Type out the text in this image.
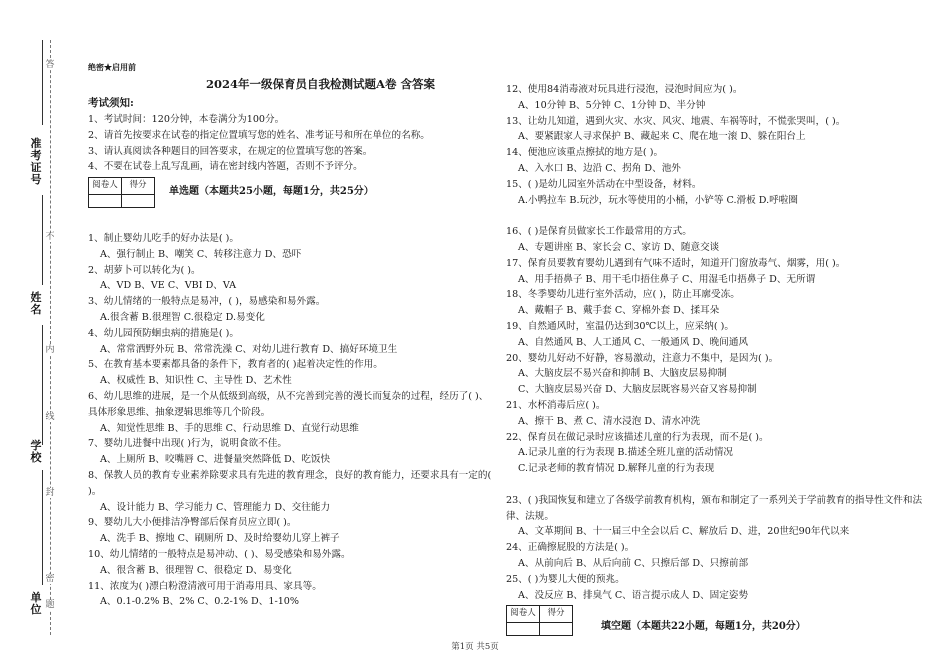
准考证号
姓名
学校
单位
答
不
内
线
封
密
题
绝密★启用前
2024年一级保育员自我检测试题A卷 含答案
考试须知:
1、考试时间：120分钟，本卷满分为100分。
2、请首先按要求在试卷的指定位置填写您的姓名、准考证号和所在单位的名称。
3、请认真阅读各种题目的回答要求，在规定的位置填写您的答案。
4、不要在试卷上乱写乱画，请在密封线内答题，否则不予评分。
阅卷人	得分

单选题（本题共25小题，每题1分，共25分）
1、制止婴幼儿吃手的好办法是( )。
A、强行制止 B、嘲笑 C、转移注意力 D、恐吓
2、胡萝卜可以转化为( )。
A、VD B、VE C、VBI D、VA
3、幼儿情绪的一般特点是易冲，( )，易感染和易外露。
A.很含蓄 B.很理智 C.很稳定 D.易变化
4、幼儿园预防蛔虫病的措施是( )。
A、常常洒野外玩 B、常常洗澡 C、对幼儿进行教育 D、搞好环境卫生
5、在教育基本要素都具备的条件下，教育者的( )起着决定性的作用。
A、权威性 B、知识性 C、主导性 D、艺术性
6、幼儿思维的进展，是一个从低级到高级，从不完善到完善的漫长而复杂的过程，经历了( )、具体形象思维、抽象逻辑思维等几个阶段。
A、知觉性思维 B、手的思维 C、行动思维 D、直觉行动思维
7、婴幼儿进餐中出现( )行为，说明食欲不佳。
A、上厕所 B、咬嘴唇 C、进餐量突然降低 D、吃饭快
8、保教人员的教育专业素养除要求具有先进的教育理念，良好的教育能力，还要求具有一定的( )。
A、设计能力 B、学习能力 C、管理能力 D、交往能力
9、婴幼儿大小便排洁净臀部后保育员应立即( )。
A、洗手 B、擦地 C、刷厕所 D、及时给婴幼儿穿上裤子
10、幼儿情绪的一般特点是易冲动、( )、易受感染和易外露。
A、很含蓄 B、很理智 C、很稳定 D、易变化
11、浓度为( )漂白粉澄清液可用于消毒用具、家具等。
A、0.1-0.2% B、2% C、0.2-1% D、1-10%
12、使用84消毒液对玩具进行浸泡，浸泡时间应为( )。
A、10分钟 B、5分钟 C、1分钟 D、半分钟
13、让幼儿知道，遇到火灾、水灾、风灾、地震、车祸等时，不慌张哭叫，( )。
A、要紧跟家人寻求保护 B、藏起来 C、爬在地一滚 D、躲在阳台上
14、便池应该重点擦拭的地方是( )。
A、入水口 B、边沿 C、拐角 D、池外
15、( )是幼儿园室外活动在中型设备，材料。
A.小鸭拉车 B.玩沙，玩水等使用的小桶，小铲等 C.滑板 D.呼啦圈
16、( )是保育员做家长工作最常用的方式。
A、专题讲座 B、家长会 C、家访 D、随意交谈
17、保育员要教育婴幼儿遇到有气味不适时，知道开门窗放毒气、烟雾，用( )。
A、用手捂鼻子 B、用干毛巾捂住鼻子 C、用湿毛巾捂鼻子 D、无所谓
18、冬季婴幼儿进行室外活动，应( )，防止耳廓受冻。
A、戴帽子 B、戴手套 C、穿棉外套 D、揉耳朵
19、自然通风时，室温仍达到30℃以上，应采纳( )。
A、自然通风 B、人工通风 C、一般通风 D、晚间通风
20、婴幼儿好动不好静，容易激动，注意力不集中，是因为( )。
A、大脑皮层不易兴奋和抑制 B、大脑皮层易抑制
C、大脑皮层易兴奋 D、大脑皮层既容易兴奋又容易抑制
21、水杯消毒后应( )。
A、擦干 B、煮 C、清水浸泡 D、清水冲洗
22、保育员在做记录时应该描述儿童的行为表现，而不是( )。
A.记录儿童的行为表现 B.描述全班儿童的活动情况
C.记录老师的教育情况 D.解释儿童的行为表现
23、( )我国恢复和建立了各级学前教育机构，颁布和制定了一系列关于学前教育的指导性文件和法律、法规。
A、文革期间 B、十一届三中全会以后 C、解放后 D、进，20世纪90年代以来
24、正确擦屁股的方法是( )。
A、从前向后 B、从后向前 C、只擦后部 D、只擦前部
25、( )为婴儿大便的预兆。
A、没反应 B、排臭气 C、语言提示成人 D、固定姿势
阅卷人	得分

填空题（本题共22小题，每题1分，共20分）
第1页 共5页
